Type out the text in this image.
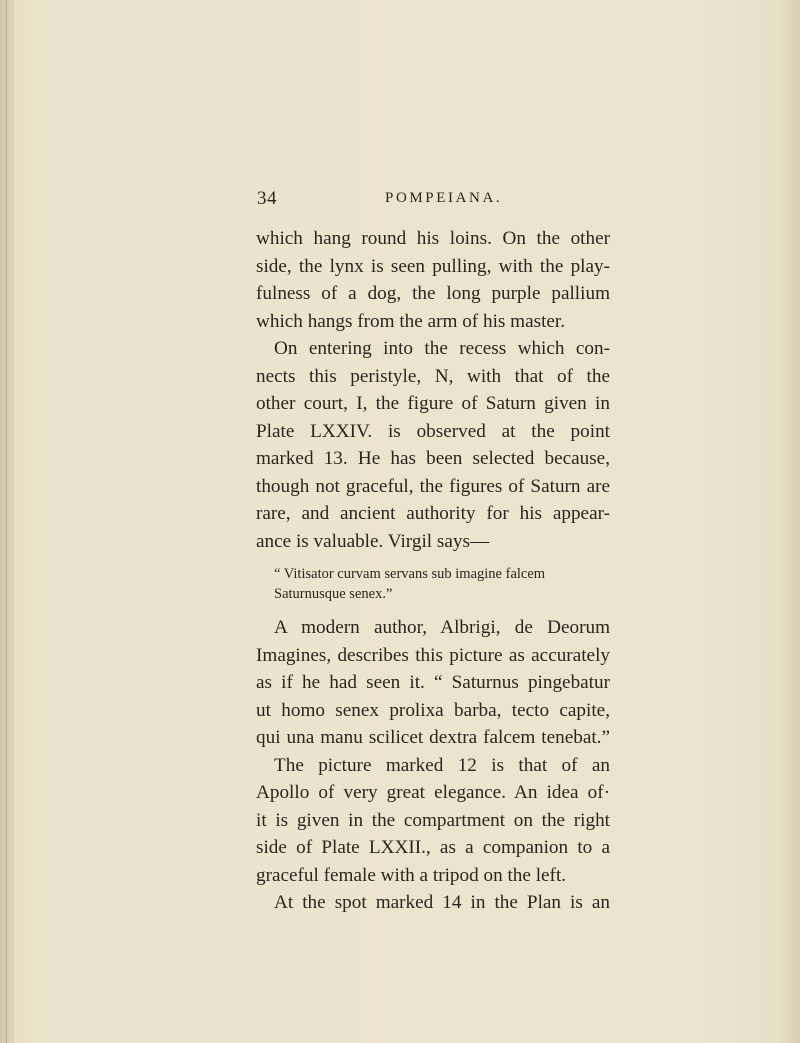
34	POMPEIANA.
which hang round his loins. On the other
side, the lynx is seen pulling, with the play-
fulness of a dog, the long purple pallium
which hangs from the arm of his master.
On entering into the recess which con-
nects this peristyle, N, with that of the
other court, I, the figure of Saturn given in
Plate LXXIV. is observed at the point
marked 13. He has been selected because,
though not graceful, the figures of Saturn are
rare, and ancient authority for his appear-
ance is valuable. Virgil says—
“ Vitisator curvam servans sub imagine falcem
Saturnusque senex.”
A modern author, Albrigi, de Deorum
Imagines, describes this picture as accurately
as if he had seen it. “ Saturnus pingebatur
ut homo senex prolixa barba, tecto capite,
qui una manu scilicet dextra falcem tenebat.”
The picture marked 12 is that of an
Apollo of very great elegance. An idea of·
it is given in the compartment on the right
side of Plate LXXII., as a companion to a
graceful female with a tripod on the left.
At the spot marked 14 in the Plan is an
